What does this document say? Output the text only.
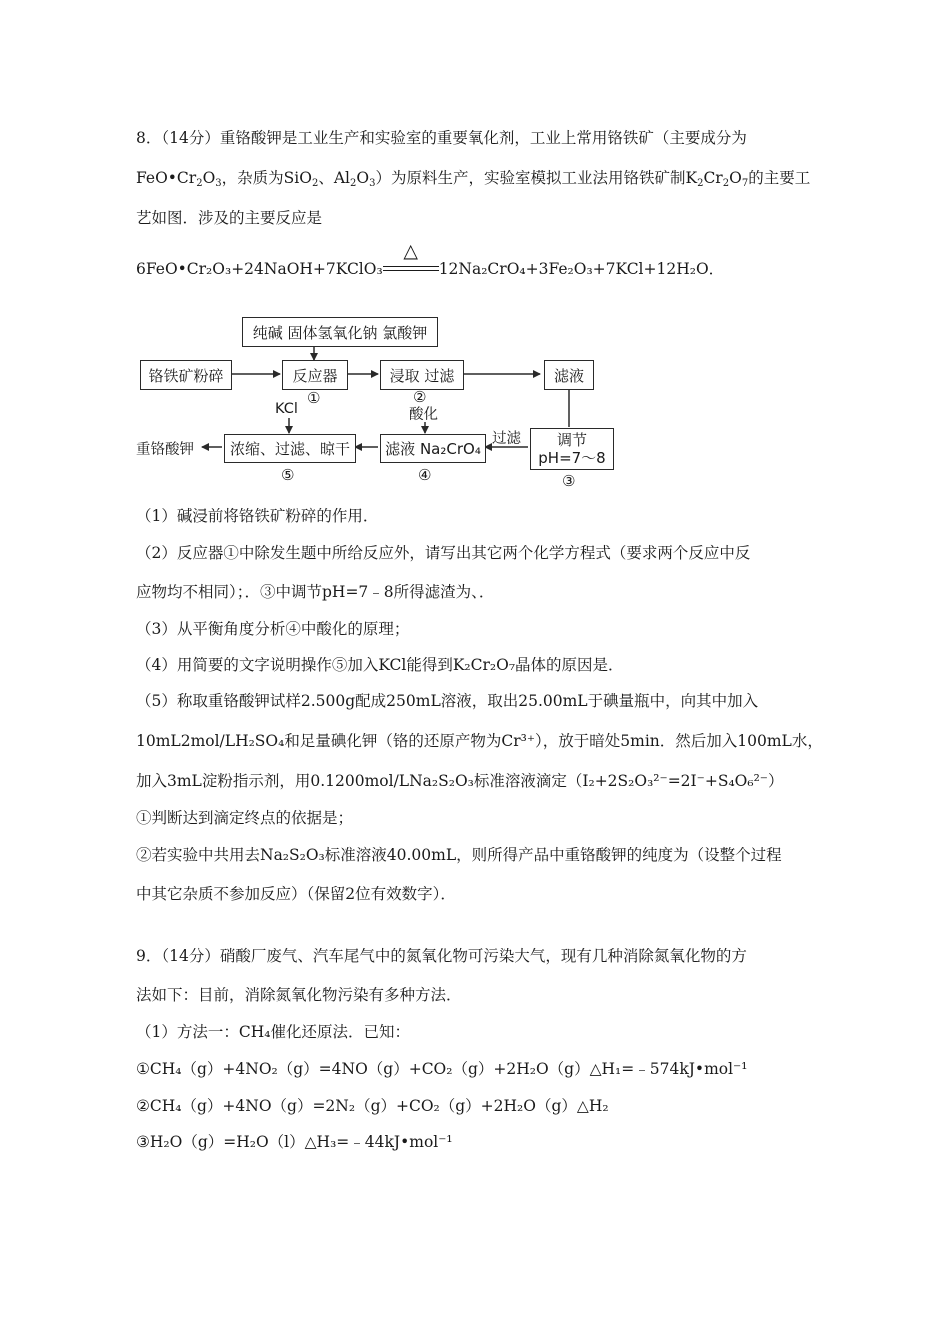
8．（14分）重铬酸钾是工业生产和实验室的重要氧化剂，工业上常用铬铁矿（主要成分为
$FeO•Cr_2O_3$，杂质为SiO$_2$、$Al_2O_3$）为原料生产，实验室模拟工业法用铬铁矿制$K_2Cr_2O_7$的主要工
艺如图．涉及的主要反应是
6FeO•Cr₂O₃+24NaOH+7KClO₃
△
12Na₂CrO₄+3Fe₂O₃+7KCl+12H₂O．
纯碱 固体氢氧化钠 氯酸钾
铬铁矿粉碎	反应器
①
浸取 过滤
②
滤液
调节
pH=7～8
③
过滤
滤液 Na₂CrO₄
酸化
④
浓缩、过滤、晾干
KCl
⑤
重铬酸钾
（1）碱浸前将铬铁矿粉碎的作用．
（2）反应器①中除发生题中所给反应外，请写出其它两个化学方程式（要求两个反应中反
应物均不相同）；．③中调节pH=7﹣8所得滤渣为、．
（3）从平衡角度分析④中酸化的原理；
（4）用简要的文字说明操作⑤加入KCl能得到K₂Cr₂O₇晶体的原因是．
（5）称取重铬酸钾试样2.500g配成250mL溶液，取出25.00mL于碘量瓶中，向其中加入
10mL2mol/LH₂SO₄和足量碘化钾（铬的还原产物为Cr³⁺），放于暗处5min．然后加入100mL水，
加入3mL淀粉指示剂，用0.1200mol/LNa₂S₂O₃标准溶液滴定（I₂+2S₂O₃²⁻=2I⁻+S₄O₆²⁻）
①判断达到滴定终点的依据是；
②若实验中共用去Na₂S₂O₃标准溶液40.00mL，则所得产品中重铬酸钾的纯度为（设整个过程
中其它杂质不参加反应）（保留2位有效数字）．
9．（14分）硝酸厂废气、汽车尾气中的氮氧化物可污染大气，现有几种消除氮氧化物的方
法如下：目前，消除氮氧化物污染有多种方法．
（1）方法一：CH₄催化还原法．已知：
①CH₄（g）+4NO₂（g）=4NO（g）+CO₂（g）+2H₂O（g）△H₁=﹣574kJ•mol⁻¹
②CH₄（g）+4NO（g）=2N₂（g）+CO₂（g）+2H₂O（g）△H₂
③H₂O（g）=H₂O（l）△H₃=﹣44kJ•mol⁻¹
